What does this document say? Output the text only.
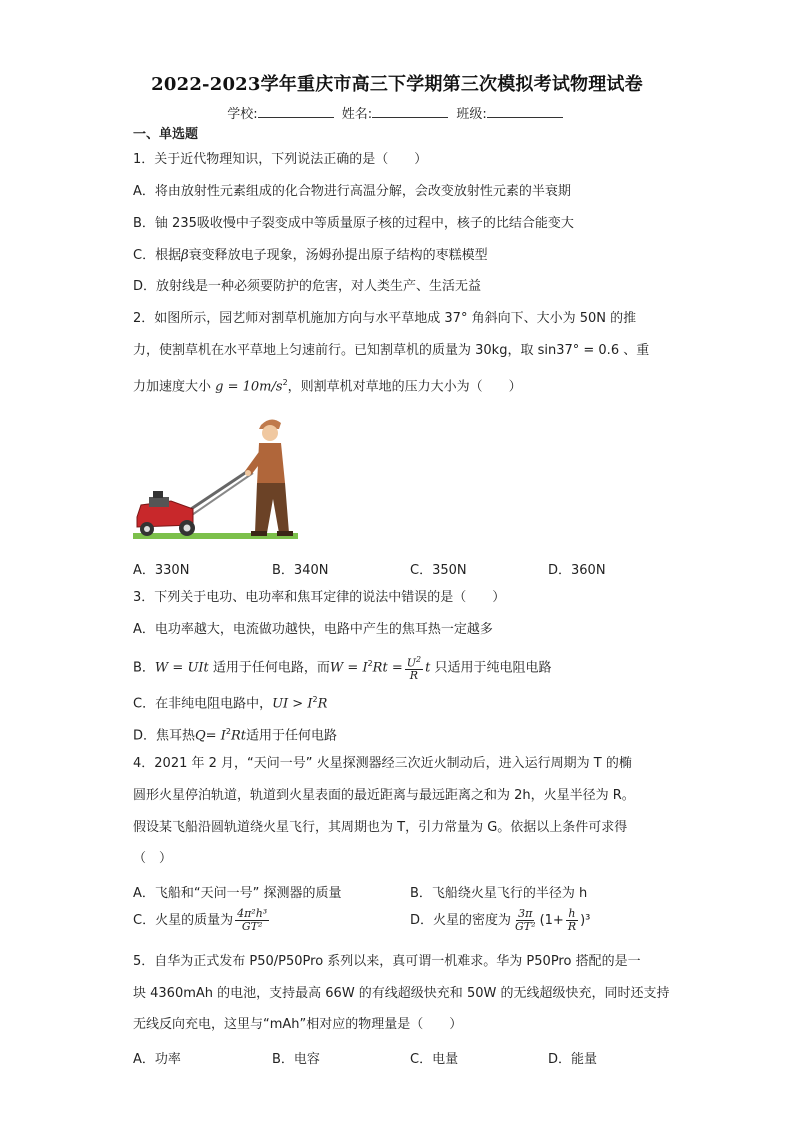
2022-2023学年重庆市高三下学期第三次模拟考试物理试卷
学校:	姓名:	班级:
一、单选题
1．关于近代物理知识，下列说法正确的是（　　）
A．将由放射性元素组成的化合物进行高温分解，会改变放射性元素的半衰期
B．铀 235吸收慢中子裂变成中等质量原子核的过程中，核子的比结合能变大
C．根据β衰变释放电子现象，汤姆孙提出原子结构的枣糕模型
D．放射线是一种必须要防护的危害，对人类生产、生活无益
2．如图所示，园艺师对割草机施加方向与水平草地成 37° 角斜向下、大小为 50N 的推
力，使割草机在水平草地上匀速前行。已知割草机的质量为 30kg，取 sin37° = 0.6 、重
力加速度大小 $g = 10m/s^2$，则割草机对草地的压力大小为（　　）
A．330N	B．340N	C．350N	D．360N
3．下列关于电功、电功率和焦耳定律的说法中错误的是（　　）
A．电功率越大，电流做功越快，电路中产生的焦耳热一定越多
B．W = UIt 适用于任何电路，而$W = I^2Rt = \frac{U^2}{R}$ t 只适用于纯电阻电路
C．在非纯电阻电路中，UI > $I^2R$
D．焦耳热$Q= I^2Rt$适用于任何电路
4．2021 年 2 月，“天问一号” 火星探测器经三次近火制动后，进入运行周期为 T 的椭
圆形火星停泊轨道，轨道到火星表面的最近距离与最远距离之和为 2h，火星半径为 R。
假设某飞船沿圆轨道绕火星飞行，其周期也为 T，引力常量为 G。依据以上条件可求得
（　）
A．飞船和“天问一号” 探测器的质量	B．飞船绕火星飞行的半径为 h
C．火星的质量为 $\frac{\text{4π²h³}}{\text{GT²}}$	D．火星的密度为 $\frac{3\pi}{\text{GT²}} (1+ \frac{h}{R} )^3$
5．自华为正式发布 P50/P50Pro 系列以来，真可谓一机难求。华为 P50Pro 搭配的是一
块 4360mAh 的电池，支持最高 66W 的有线超级快充和 50W 的无线超级快充，同时还支持
无线反向充电，这里与“mAh”相对应的物理量是（　　）
A．功率	B．电容	C．电量	D．能量
